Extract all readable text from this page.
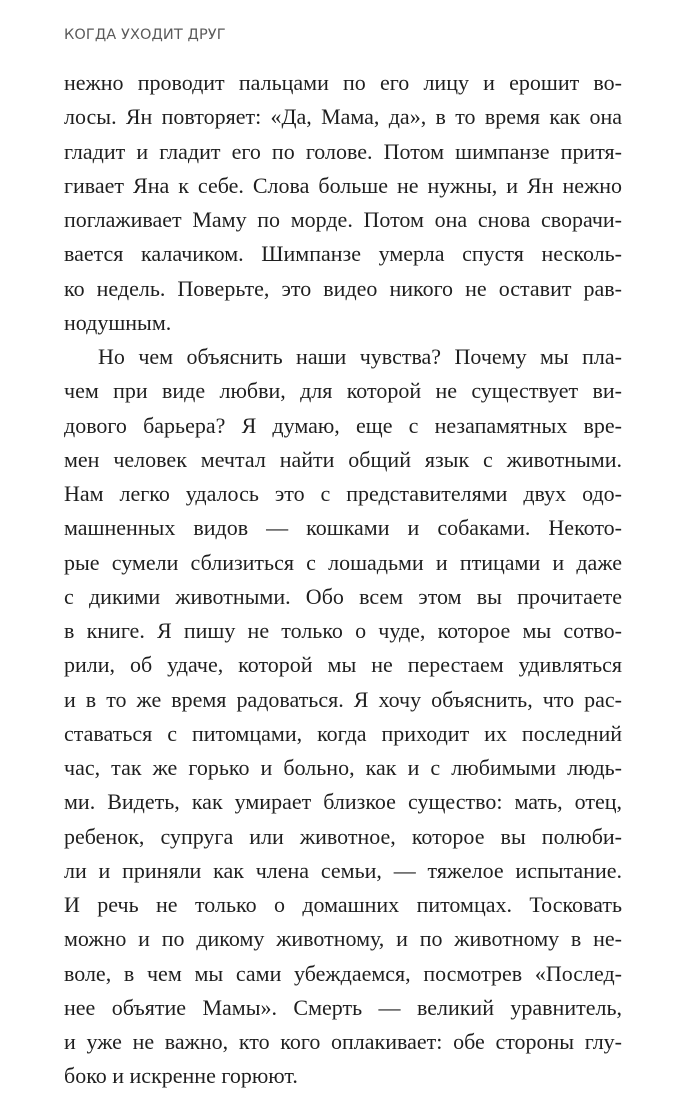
КОГДА УХОДИТ ДРУГ
нежно проводит пальцами по его лицу и ерошит во-
лосы. Ян повторяет: «Да, Мама, да», в то время как она
гладит и гладит его по голове. Потом шимпанзе притя-
гивает Яна к себе. Слова больше не нужны, и Ян нежно
поглаживает Маму по морде. Потом она снова сворачи-
вается калачиком. Шимпанзе умерла спустя несколь-
ко недель. Поверьте, это видео никого не оставит рав-
нодушным.
Но чем объяснить наши чувства? Почему мы пла-
чем при виде любви, для которой не существует ви-
дового барьера? Я думаю, еще с незапамятных вре-
мен человек мечтал найти общий язык с животными.
Нам легко удалось это с представителями двух одо-
машненных видов — кошками и собаками. Некото-
рые сумели сблизиться с лошадьми и птицами и даже
с дикими животными. Обо всем этом вы прочитаете
в книге. Я пишу не только о чуде, которое мы сотво-
рили, об удаче, которой мы не перестаем удивляться
и в то же время радоваться. Я хочу объяснить, что рас-
ставаться с питомцами, когда приходит их последний
час, так же горько и больно, как и с любимыми людь-
ми. Видеть, как умирает близкое существо: мать, отец,
ребенок, супруга или животное, которое вы полюби-
ли и приняли как члена семьи, — тяжелое испытание.
И речь не только о домашних питомцах. Тосковать
можно и по дикому животному, и по животному в не-
воле, в чем мы сами убеждаемся, посмотрев «Послед-
нее объятие Мамы». Смерть — великий уравнитель,
и уже не важно, кто кого оплакивает: обе стороны глу-
боко и искренне горюют.
